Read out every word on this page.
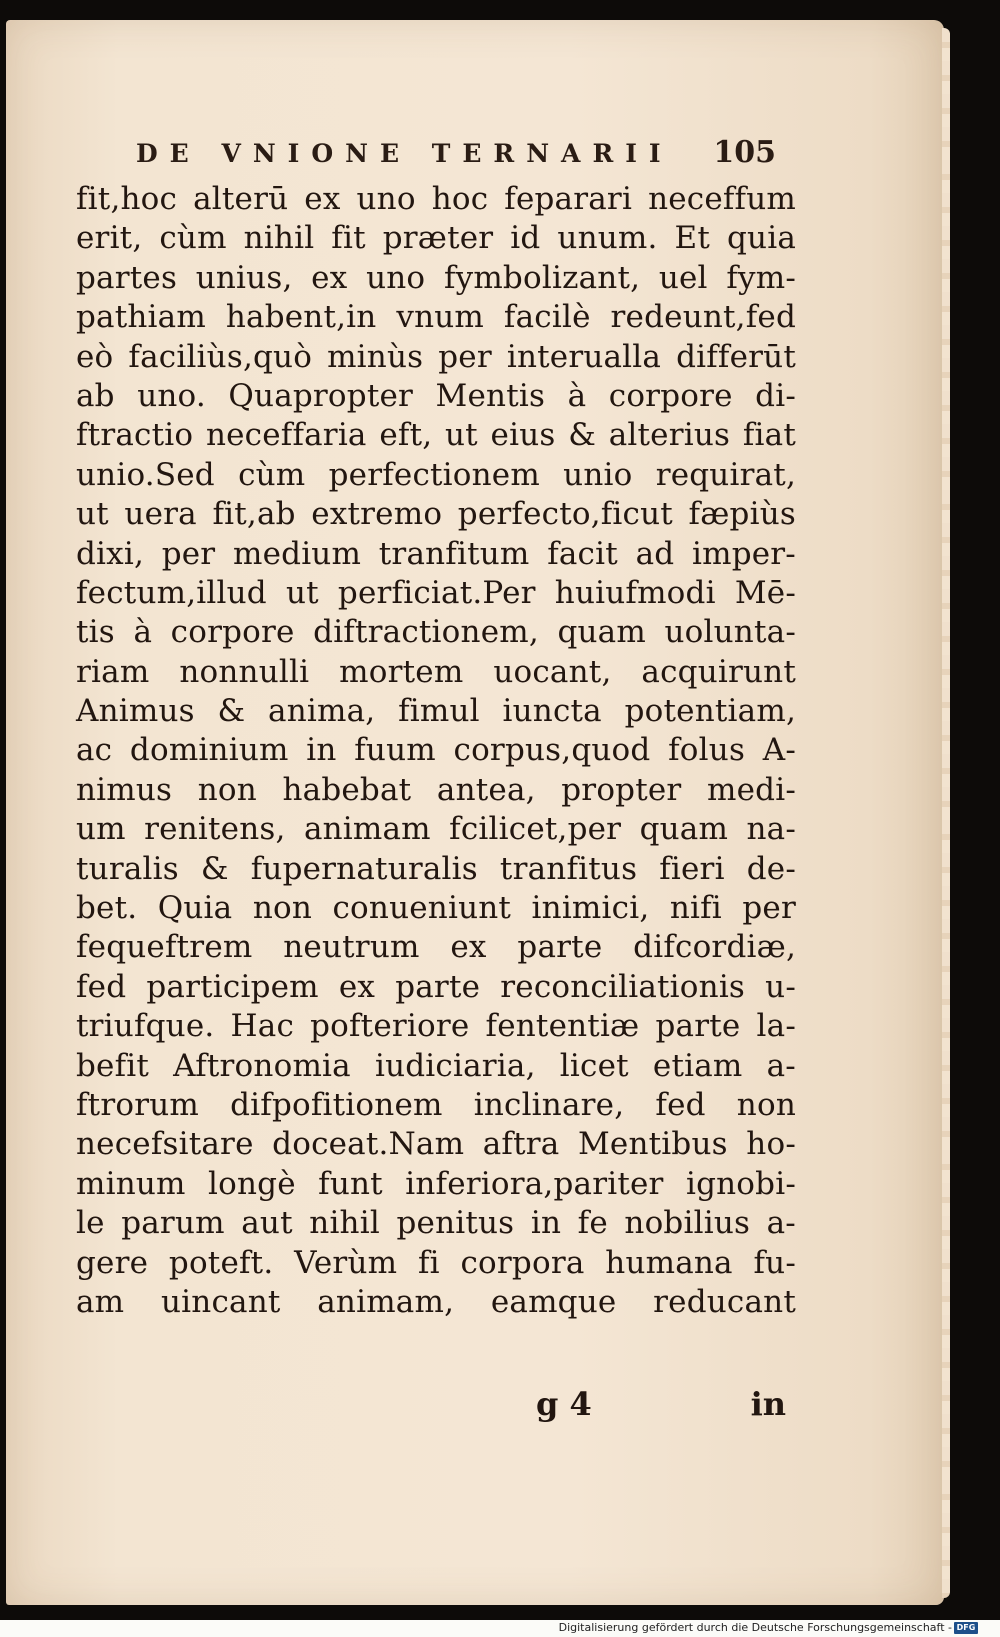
DE VNIONE TERNARII 105
fit,hoc alterū ex uno hoc feparari neceffum
erit, cùm nihil fit præter id unum. Et quia
partes unius, ex uno fymbolizant, uel fym-
pathiam habent,in vnum facilè redeunt,fed
eò faciliùs,quò minùs per interualla differūt
ab uno. Quapropter Mentis à corpore di-
ftractio neceffaria eft, ut eius & alterius fiat
unio.Sed cùm perfectionem unio requirat,
ut uera fit,ab extremo perfecto,ficut fæpiùs
dixi, per medium tranfitum facit ad imper-
fectum,illud ut perficiat.Per huiufmodi Mē-
tis à corpore diftractionem, quam uolunta-
riam nonnulli mortem uocant, acquirunt
Animus & anima, fimul iuncta potentiam,
ac dominium in fuum corpus,quod folus A-
nimus non habebat antea, propter medi-
um renitens, animam fcilicet,per quam na-
turalis & fupernaturalis tranfitus fieri de-
bet. Quia non conueniunt inimici, nifi per
fequeftrem neutrum ex parte difcordiæ,
fed participem ex parte reconciliationis u-
triufque. Hac pofteriore fententiæ parte la-
befit Aftronomia iudiciaria, licet etiam a-
ftrorum difpofitionem inclinare, fed non
necefsitare doceat.Nam aftra Mentibus ho-
minum longè funt inferiora,pariter ignobi-
le parum aut nihil penitus in fe nobilius a-
gere poteft. Verùm fi corpora humana fu-
am uincant animam, eamque reducant
g 4	in
Digitalisierung gefördert durch die Deutsche Forschungsgemeinschaft - DFG
